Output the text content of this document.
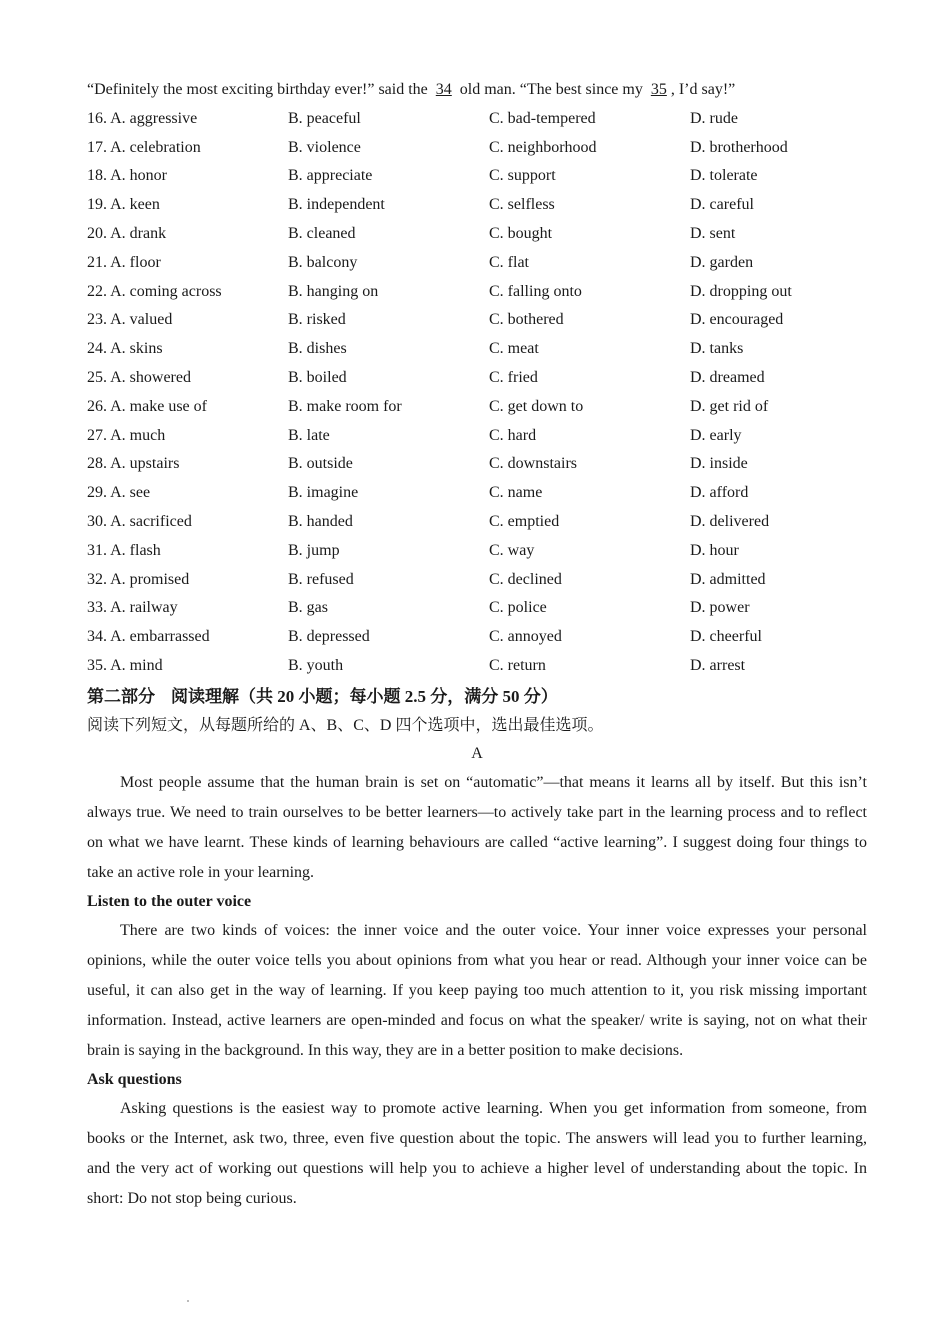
“Definitely the most exciting birthday ever!” said the 34 old man. “The best since my 35 , I’d say!”
16. A. aggressive	B. peaceful	C. bad-tempered	D. rude
17. A. celebration	B. violence	C. neighborhood	D. brotherhood
18. A. honor	B. appreciate	C. support	D. tolerate
19. A. keen	B. independent	C. selfless	D. careful
20. A. drank	B. cleaned	C. bought	D. sent
21. A. floor	B. balcony	C. flat	D. garden
22. A. coming across	B. hanging on	C. falling onto	D. dropping out
23. A. valued	B. risked	C. bothered	D. encouraged
24. A. skins	B. dishes	C. meat	D. tanks
25. A. showered	B. boiled	C. fried	D. dreamed
26. A. make use of	B. make room for	C. get down to	D. get rid of
27. A. much	B. late	C. hard	D. early
28. A. upstairs	B. outside	C. downstairs	D. inside
29. A. see	B. imagine	C. name	D. afford
30. A. sacrificed	B. handed	C. emptied	D. delivered
31. A. flash	B. jump	C. way	D. hour
32. A. promised	B. refused	C. declined	D. admitted
33. A. railway	B. gas	C. police	D. power
34. A. embarrassed	B. depressed	C. annoyed	D. cheerful
35. A. mind	B. youth	C. return	D. arrest
第二部分 阅读理解（共 20 小题；每小题 2.5 分，满分 50 分）
阅读下列短文，从每题所给的 A、B、C、D 四个选项中，选出最佳选项。
A

Most people assume that the human brain is set on “automatic”—that means it learns all by itself. But this isn’t always true. We need to train ourselves to be better learners—to actively take part in the learning process and to reflect on what we have learnt. These kinds of learning behaviours are called “active learning”. I suggest doing four things to take an active role in your learning.

Listen to the outer voice

There are two kinds of voices: the inner voice and the outer voice. Your inner voice expresses your personal opinions, while the outer voice tells you about opinions from what you hear or read. Although your inner voice can be useful, it can also get in the way of learning. If you keep paying too much attention to it, you risk missing important information. Instead, active learners are open-minded and focus on what the speaker/ write is saying, not on what their brain is saying in the background. In this way, they are in a better position to make decisions.

Ask questions

Asking questions is the easiest way to promote active learning. When you get information from someone, from books or the Internet, ask two, three, even five question about the topic. The answers will lead you to further learning, and the very act of working out questions will help you to achieve a higher level of understanding about the topic. In short: Do not stop being curious.
